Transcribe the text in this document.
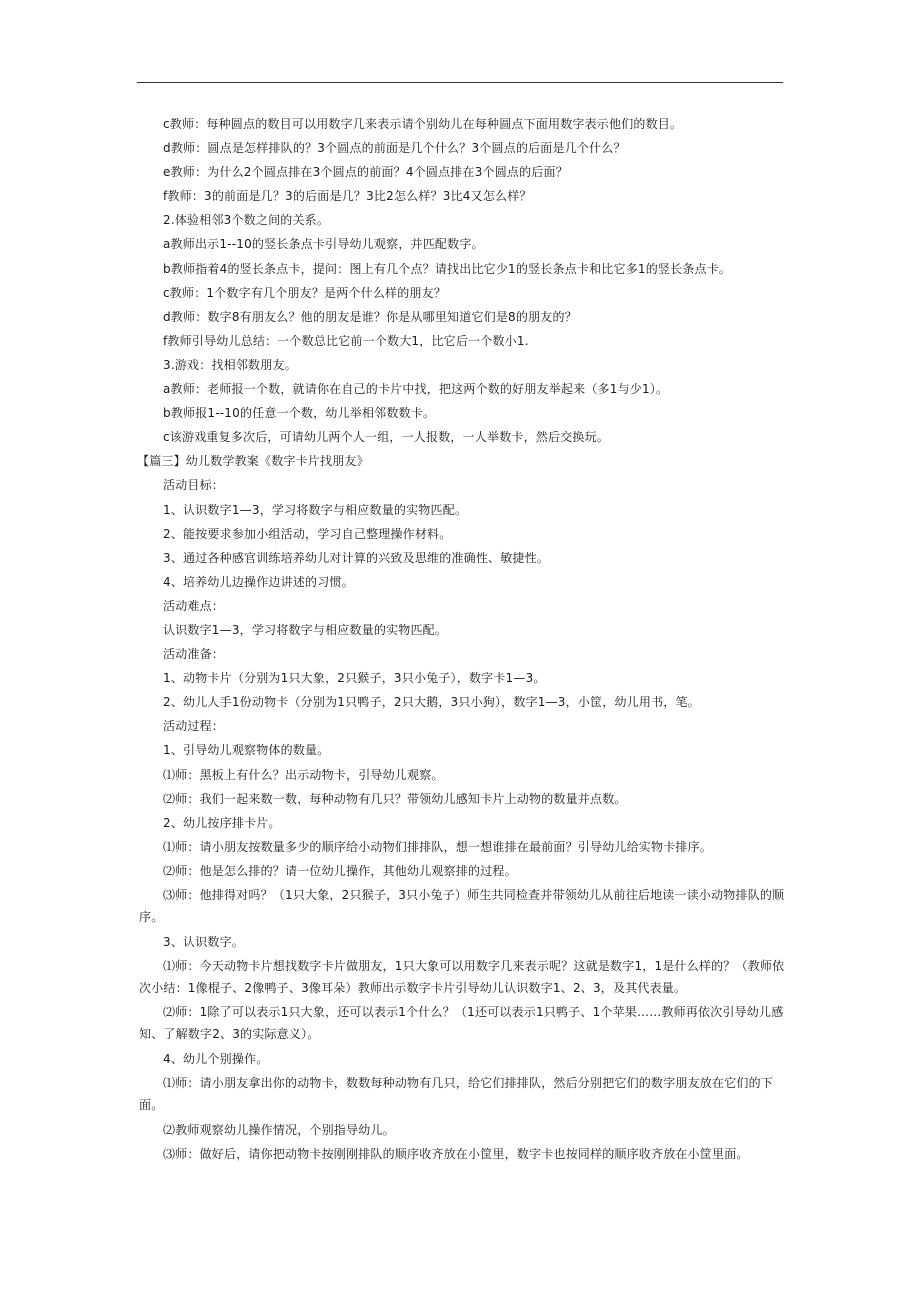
c教师：每种圆点的数目可以用数字几来表示请个别幼儿在每种圆点下面用数字表示他们的数目。

d教师：圆点是怎样排队的？3个圆点的前面是几个什么？3个圆点的后面是几个什么？

e教师：为什么2个圆点排在3个圆点的前面？4个圆点排在3个圆点的后面？

f教师：3的前面是几？3的后面是几？3比2怎么样？3比4又怎么样？

2.体验相邻3个数之间的关系。

a教师出示1--10的竖长条点卡引导幼儿观察，并匹配数字。

b教师指着4的竖长条点卡，提问：图上有几个点？请找出比它少1的竖长条点卡和比它多1的竖长条点卡。

c教师：1个数字有几个朋友？是两个什么样的朋友？

d教师：数字8有朋友么？他的朋友是谁？你是从哪里知道它们是8的朋友的？

f教师引导幼儿总结：一个数总比它前一个数大1，比它后一个数小1.

3.游戏：找相邻数朋友。

a教师：老师报一个数，就请你在自己的卡片中找，把这两个数的好朋友举起来（多1与少1）。

b教师报1--10的任意一个数，幼儿举相邻数数卡。

c该游戏重复多次后，可请幼儿两个人一组，一人报数，一人举数卡，然后交换玩。

【篇三】幼儿数学教案《数字卡片找朋友》

活动目标：

1、认识数字1—3，学习将数字与相应数量的实物匹配。

2、能按要求参加小组活动，学习自己整理操作材料。

3、通过各种感官训练培养幼儿对计算的兴致及思维的准确性、敏捷性。

4、培养幼儿边操作边讲述的习惯。

活动难点：

认识数字1—3，学习将数字与相应数量的实物匹配。

活动准备：

1、动物卡片（分别为1只大象，2只猴子，3只小兔子），数字卡1—3。

2、幼儿人手1份动物卡（分别为1只鸭子，2只大鹅，3只小狗），数字1—3，小筐，幼儿用书，笔。

活动过程：

1、引导幼儿观察物体的数量。

⑴师：黑板上有什么？出示动物卡，引导幼儿观察。

⑵师：我们一起来数一数，每种动物有几只？带领幼儿感知卡片上动物的数量并点数。

2、幼儿按序排卡片。

⑴师：请小朋友按数量多少的顺序给小动物们排排队，想一想谁排在最前面？引导幼儿给实物卡排序。

⑵师：他是怎么排的？请一位幼儿操作，其他幼儿观察排的过程。

⑶师：他排得对吗？（1只大象，2只猴子，3只小兔子）师生共同检查并带领幼儿从前往后地读一读小动物排队的顺序。

3、认识数字。

⑴师：今天动物卡片想找数字卡片做朋友，1只大象可以用数字几来表示呢？这就是数字1，1是什么样的？（教师依次小结：1像棍子、2像鸭子、3像耳朵）教师出示数字卡片引导幼儿认识数字1、2、3，及其代表量。

⑵师：1除了可以表示1只大象，还可以表示1个什么？（1还可以表示1只鸭子、1个苹果……教师再依次引导幼儿感知、了解数字2、3的实际意义）。

4、幼儿个别操作。

⑴师：请小朋友拿出你的动物卡，数数每种动物有几只，给它们排排队，然后分别把它们的数字朋友放在它们的下面。

⑵教师观察幼儿操作情况，个别指导幼儿。

⑶师：做好后，请你把动物卡按刚刚排队的顺序收齐放在小筐里，数字卡也按同样的顺序收齐放在小筐里面。
